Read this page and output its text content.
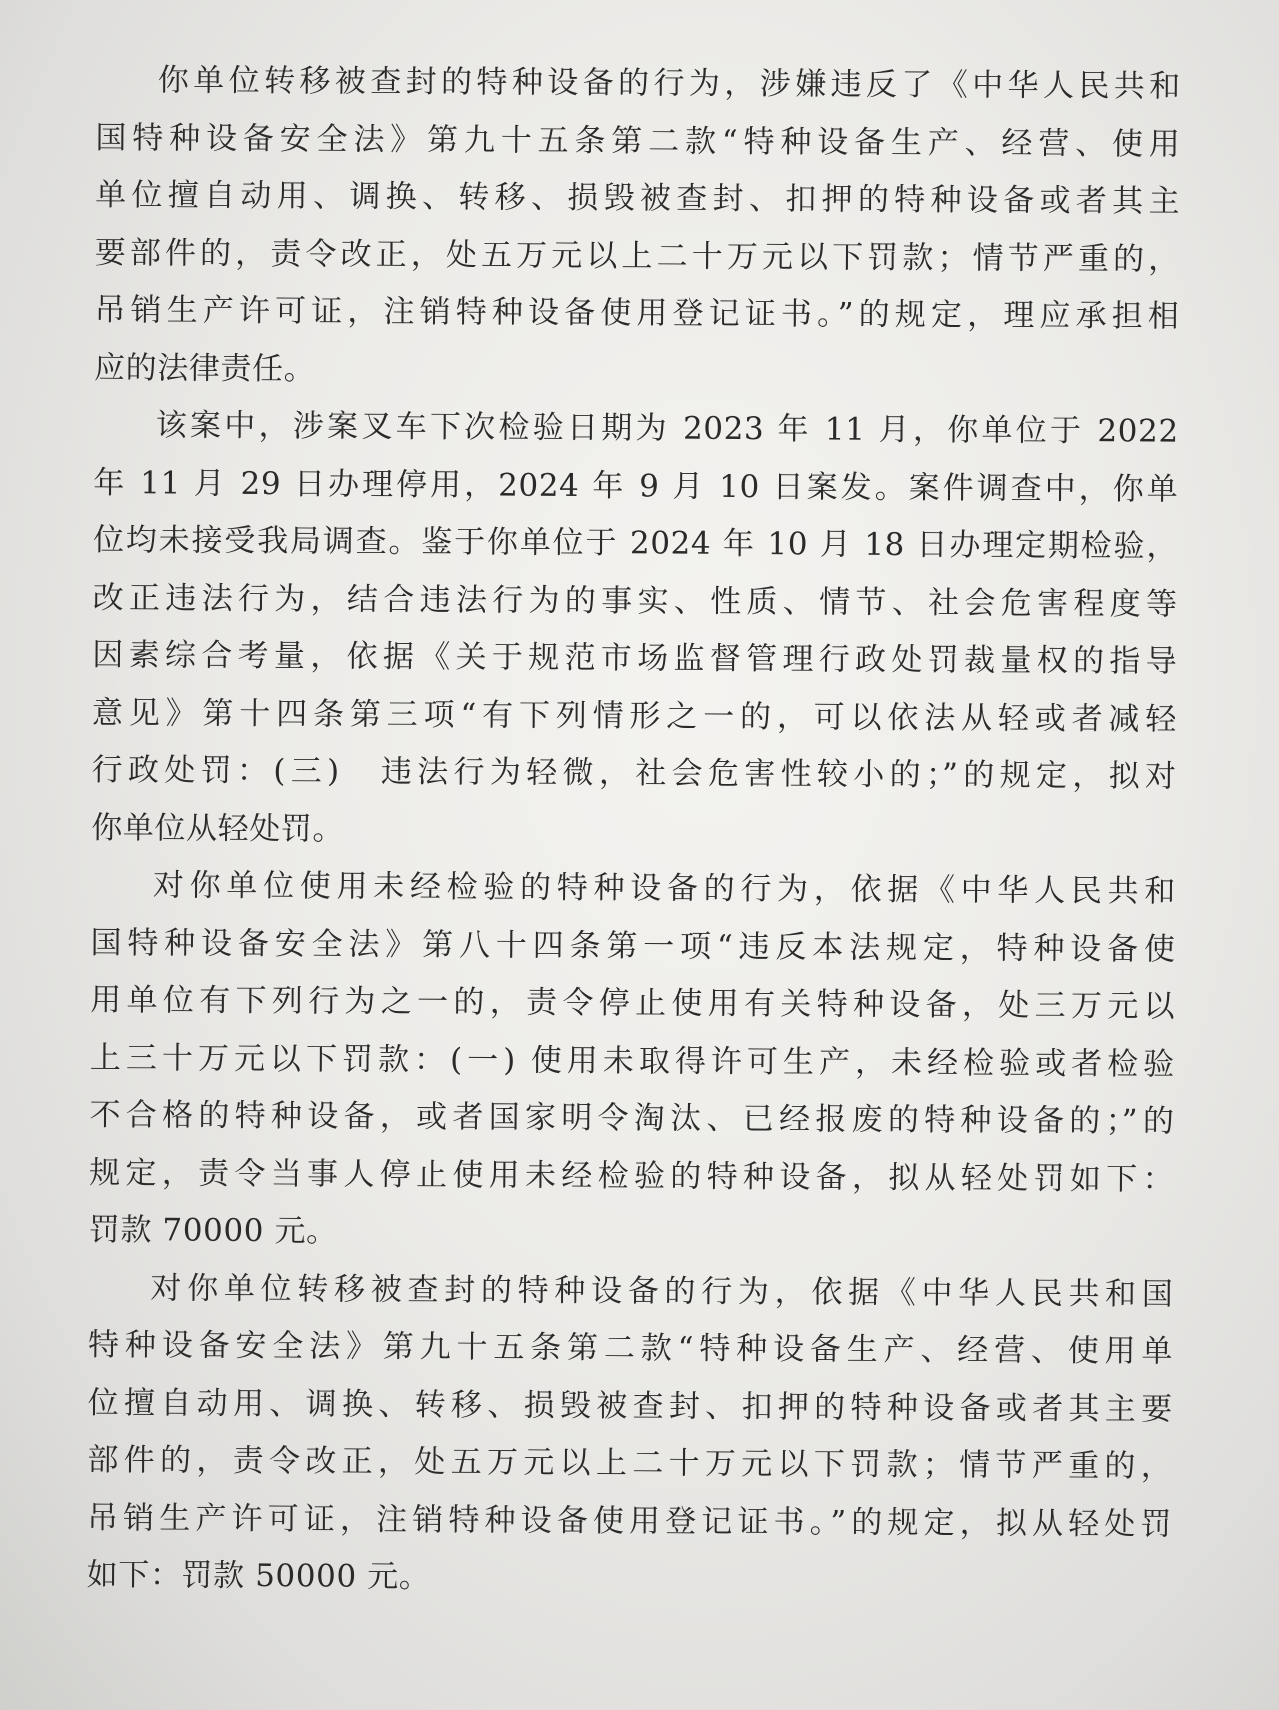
你单位转移被查封的特种设备的行为，涉嫌违反了《中华人民共和
国特种设备安全法》第九十五条第二款“特种设备生产、经营、使用
单位擅自动用、调换、转移、损毁被查封、扣押的特种设备或者其主
要部件的，责令改正，处五万元以上二十万元以下罚款；情节严重的，
吊销生产许可证，注销特种设备使用登记证书。”的规定，理应承担相
应的法律责任。
该案中，涉案叉车下次检验日期为 2023 年 11 月，你单位于 2022
年 11 月 29 日办理停用，2024 年 9 月 10 日案发。案件调查中，你单
位均未接受我局调查。鉴于你单位于 2024 年 10 月 18 日办理定期检验，
改正违法行为，结合违法行为的事实、性质、情节、社会危害程度等
因素综合考量，依据《关于规范市场监督管理行政处罚裁量权的指导
意见》第十四条第三项“有下列情形之一的，可以依法从轻或者减轻
行政处罚：(三)　违法行为轻微，社会危害性较小的；”的规定，拟对
你单位从轻处罚。
对你单位使用未经检验的特种设备的行为，依据《中华人民共和
国特种设备安全法》第八十四条第一项“违反本法规定，特种设备使
用单位有下列行为之一的，责令停止使用有关特种设备，处三万元以
上三十万元以下罚款：(一) 使用未取得许可生产，未经检验或者检验
不合格的特种设备，或者国家明令淘汰、已经报废的特种设备的；”的
规定，责令当事人停止使用未经检验的特种设备，拟从轻处罚如下：
罚款 70000 元。
对你单位转移被查封的特种设备的行为，依据《中华人民共和国
特种设备安全法》第九十五条第二款“特种设备生产、经营、使用单
位擅自动用、调换、转移、损毁被查封、扣押的特种设备或者其主要
部件的，责令改正，处五万元以上二十万元以下罚款；情节严重的，
吊销生产许可证，注销特种设备使用登记证书。”的规定，拟从轻处罚
如下：罚款 50000 元。
